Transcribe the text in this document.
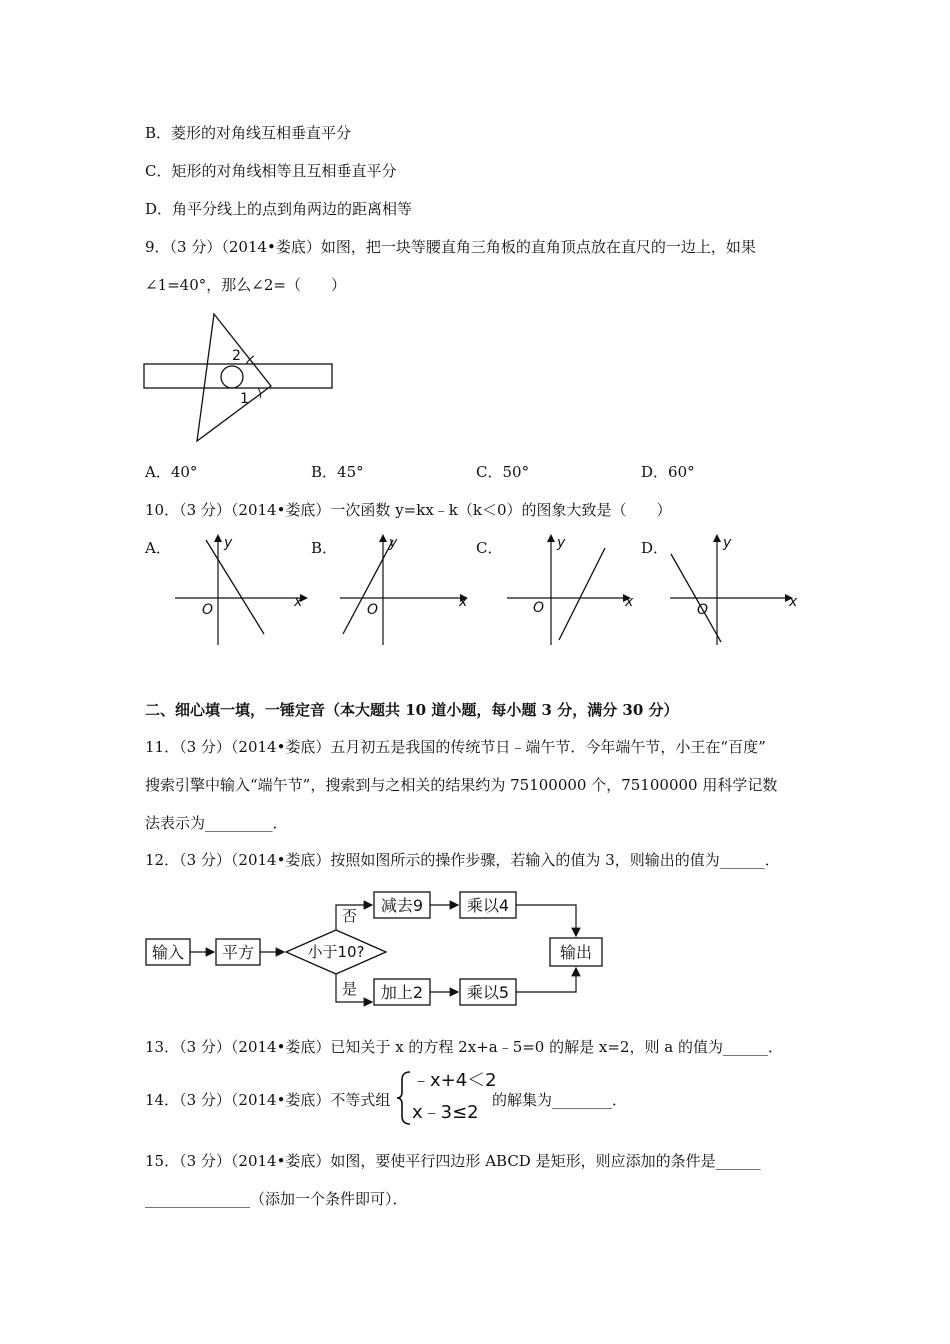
B．菱形的对角线互相垂直平分
C．矩形的对角线相等且互相垂直平分
D．角平分线上的点到角两边的距离相等
9．（3 分）（2014•娄底）如图，把一块等腰直角三角板的直角顶点放在直尺的一边上，如果
∠1=40°，那么∠2=（　　）
2
1
A．40°	B．45°	C．50°	D．60°
10．（3 分）（2014•娄底）一次函数 y=kx﹣k（k＜0）的图象大致是（　　）
A．	B．	C．	D．
O	x
y
O	x
y
O	x
y
O	x
y
二、细心填一填，一锤定音（本大题共 10 道小题，每小题 3 分，满分 30 分）
11．（3 分）（2014•娄底）五月初五是我国的传统节日﹣端午节．今年端午节，小王在“百度”
搜索引擎中输入“端午节”，搜索到与之相关的结果约为 75100000 个，75100000 用科学记数
法表示为_________．
12．（3 分）（2014•娄底）按照如图所示的操作步骤，若输入的值为 3，则输出的值为______．
输入 平方	小于10?
否
减去9	乘以4
是 加上2	乘以5
输出
13．（3 分）（2014•娄底）已知关于 x 的方程 2x+a﹣5=0 的解是 x=2，则 a 的值为______．
14．（3 分）（2014•娄底）不等式组
﹣x+4＜2
x﹣3≤2
的解集为________．
15．（3 分）（2014•娄底）如图，要使平行四边形 ABCD 是矩形，则应添加的条件是______
______________（添加一个条件即可）．
